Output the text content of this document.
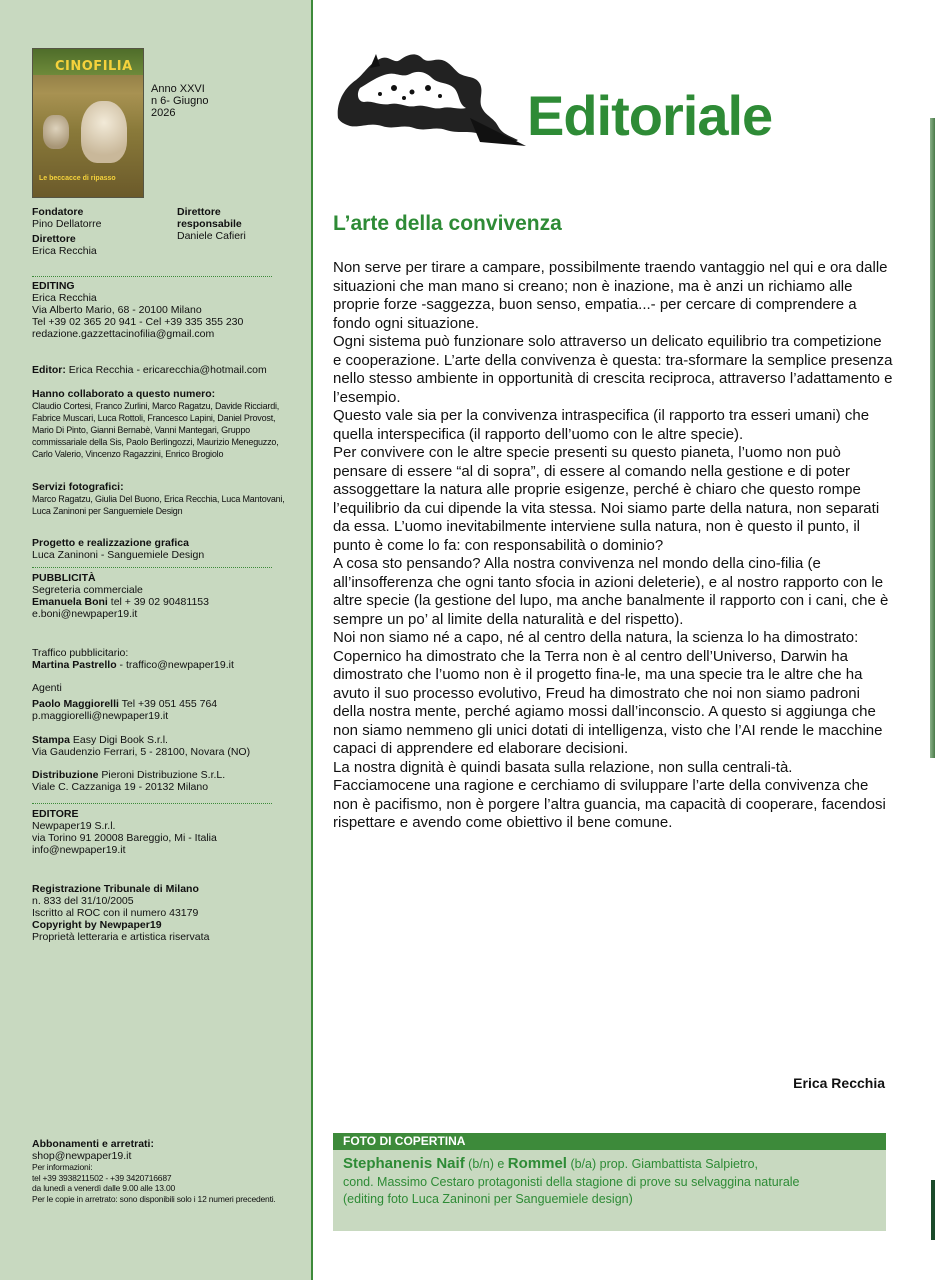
CINOFILIA
Le beccacce di ripasso
Anno XXVI
n 6- Giugno
2026
Fondatore
Pino Dellatorre
Direttore
Erica Recchia
Direttore
responsabile
Daniele Cafieri
EDITING
Erica Recchia
Via Alberto Mario, 68 - 20100 Milano
Tel +39 02 365 20 941 - Cel +39 335 355 230
redazione.gazzettacinofilia@gmail.com
Editor: Erica Recchia - ericarecchia@hotmail.com
Hanno collaborato a questo numero:
Claudio Cortesi, Franco Zurlini, Marco Ragatzu, Davide Ricciardi, Fabrice Muscari, Luca Rottoli, Francesco Lapini, Daniel Provost, Mario Di Pinto, Gianni Bernabè, Vanni Mantegari, Gruppo commissariale della Sis, Paolo Berlingozzi, Maurizio Meneguzzo, Carlo Valerio, Vincenzo Ragazzini, Enrico Brogiolo
Servizi fotografici:
Marco Ragatzu, Giulia Del Buono, Erica Recchia, Luca Mantovani, Luca Zaninoni per Sanguemiele Design
Progetto e realizzazione grafica
Luca Zaninoni - Sanguemiele Design
PUBBLICITÀ
Segreteria commerciale
Emanuela Boni tel + 39 02 90481153
e.boni@newpaper19.it
Traffico pubblicitario:
Martina Pastrello - traffico@newpaper19.it
Agenti
Paolo Maggiorelli Tel +39 051 455 764
p.maggiorelli@newpaper19.it
Stampa Easy Digi Book S.r.l.
Via Gaudenzio Ferrari, 5 - 28100, Novara (NO)
Distribuzione Pieroni Distribuzione S.r.L.
Viale C. Cazzaniga 19 - 20132 Milano
EDITORE
Newpaper19 S.r.l.
via Torino 91 20008 Bareggio, Mi - Italia
info@newpaper19.it
Registrazione Tribunale di Milano
n. 833 del 31/10/2005
Iscritto al ROC con il numero 43179
Copyright by Newpaper19
Proprietà letteraria e artistica riservata
Abbonamenti e arretrati:
shop@newpaper19.it

Per informazioni:
tel +39 3938211502 - +39 3420716687
da lunedì a venerdì dalle 9.00 alle 13.00
Per le copie in arretrato: sono disponibili solo i 12 numeri precedenti.
Editoriale
L’arte della convivenza

Non serve per tirare a campare, possibilmente traendo vantaggio nel qui e ora dalle situazioni che man mano si creano; non è inazione, ma è anzi un richiamo alle proprie forze -saggezza, buon senso, empatia...- per cercare di comprendere a fondo ogni situazione.

Ogni sistema può funzionare solo attraverso un delicato equilibrio tra competizione e cooperazione. L’arte della convivenza è questa: tra-sformare la semplice presenza nello stesso ambiente in opportunità di crescita reciproca, attraverso l’adattamento e l’esempio.

Questo vale sia per la convivenza intraspecifica (il rapporto tra esseri umani) che quella interspecifica (il rapporto dell’uomo con le altre specie).

Per convivere con le altre specie presenti su questo pianeta, l’uomo non può pensare di essere “al di sopra”, di essere al comando nella gestione e di poter assoggettare la natura alle proprie esigenze, perché è chiaro che questo rompe l’equilibrio da cui dipende la vita stessa. Noi siamo parte della natura, non separati da essa. L’uomo inevitabilmente interviene sulla natura, non è questo il punto, il punto è come lo fa: con responsabilità o dominio?

A cosa sto pensando? Alla nostra convivenza nel mondo della cino-filia (e all’insofferenza che ogni tanto sfocia in azioni deleterie), e al nostro rapporto con le altre specie (la gestione del lupo, ma anche banalmente il rapporto con i cani, che è sempre un po’ al limite della naturalità e del rispetto).

Noi non siamo né a capo, né al centro della natura, la scienza lo ha dimostrato: Copernico ha dimostrato che la Terra non è al centro dell’Universo, Darwin ha dimostrato che l’uomo non è il progetto fina-le, ma una specie tra le altre che ha avuto il suo processo evolutivo, Freud ha dimostrato che noi non siamo padroni della nostra mente, perché agiamo mossi dall’inconscio. A questo si aggiunga che non siamo nemmeno gli unici dotati di intelligenza, visto che l’AI rende le macchine capaci di apprendere ed elaborare decisioni.

La nostra dignità è quindi basata sulla relazione, non sulla centrali-tà. Facciamocene una ragione e cerchiamo di sviluppare l’arte della convivenza che non è pacifismo, non è porgere l’altra guancia, ma capacità di cooperare, facendosi rispettare e avendo come obiettivo il bene comune.

Erica Recchia
FOTO DI COPERTINA
Stephanenis Naif (b/n) e Rommel (b/a) prop. Giambattista Salpietro,
cond. Massimo Cestaro protagonisti della stagione di prove su selvaggina naturale
(editing foto Luca Zaninoni per Sanguemiele design)
